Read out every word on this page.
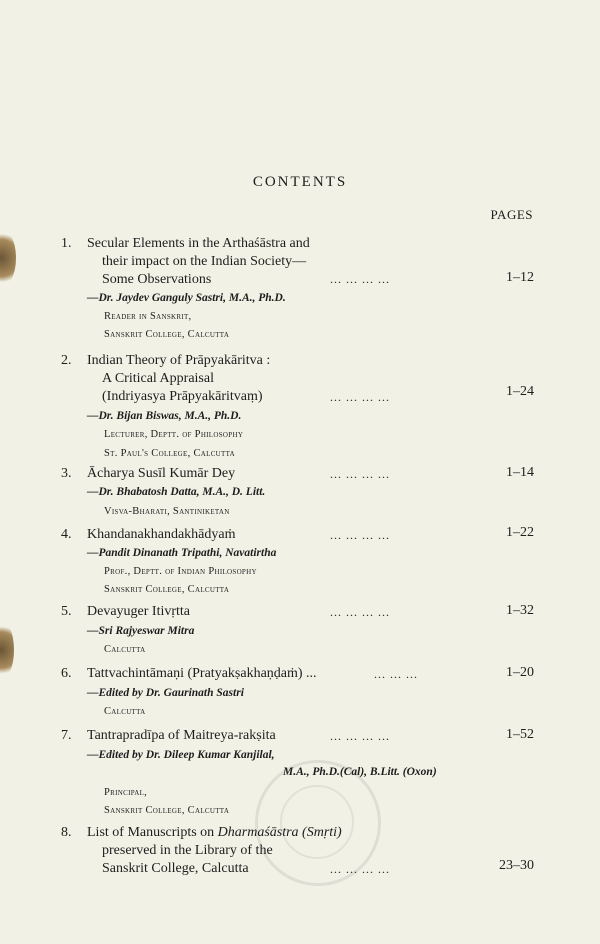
CONTENTS
PAGES
1. Secular Elements in the Arthaśāstra and
their impact on the Indian Society—
Some Observations	... ... ... ...	1–12
—Dr. Jaydev Ganguly Sastri, M.A., Ph.D.
Reader in Sanskrit,
Sanskrit College, Calcutta
2. Indian Theory of Prāpyakāritva :
A Critical Appraisal
(Indriyasya Prāpyakāritvaṃ)	... ... ... ...	1–24
—Dr. Bijan Biswas, M.A., Ph.D.
Lecturer, Deptt. of Philosophy
St. Paul's College, Calcutta
3. Ācharya Susīl Kumār Dey	... ... ... ...	1–14
—Dr. Bhabatosh Datta, M.A., D. Litt.
Visva-Bharati, Santiniketan
4. Khandanakhandakhādyaṁ	... ... ... ...	1–22
—Pandit Dinanath Tripathi, Navatirtha
Prof., Deptt. of Indian Philosophy
Sanskrit College, Calcutta
5. Devayuger Itivṛtta	... ... ... ...	1–32
—Sri Rajyeswar Mitra
Calcutta
6. Tattvachintāmaṇi (Pratyakṣakhaṇḍaṁ) ...	... ... ...	1–20
—Edited by Dr. Gaurinath Sastri
Calcutta
7. Tantrapradīpa of Maitreya-rakṣita	... ... ... ...	1–52
—Edited by Dr. Dileep Kumar Kanjilal,
M.A., Ph.D.(Cal), B.Litt. (Oxon)
Principal,
Sanskrit College, Calcutta
8. List of Manuscripts on Dharmaśāstra (Smṛti)
preserved in the Library of the
Sanskrit College, Calcutta	... ... ... ...	23–30
